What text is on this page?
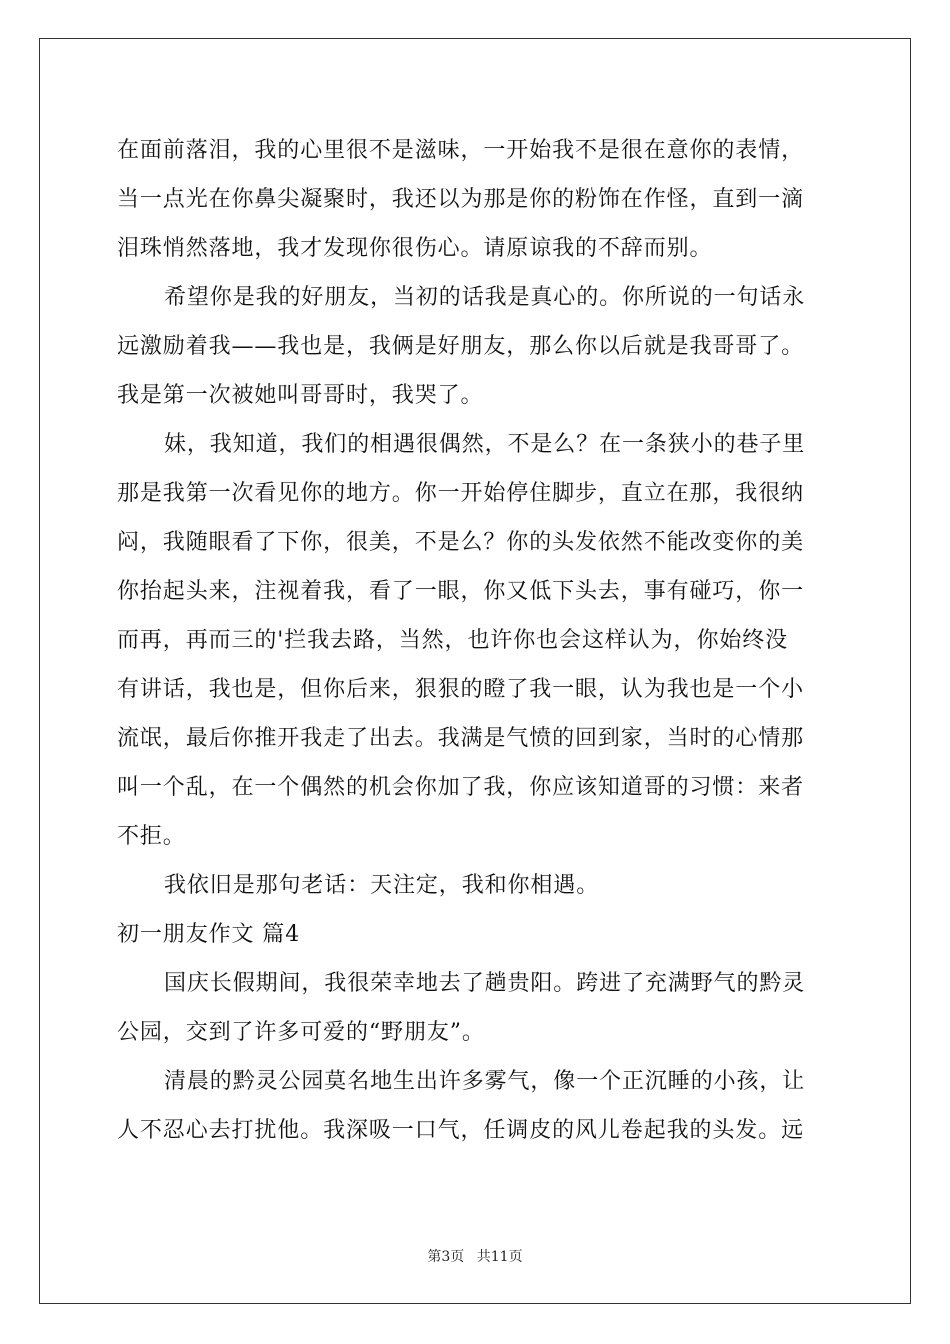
在面前落泪，我的心里很不是滋味，一开始我不是很在意你的表情，
当一点光在你鼻尖凝聚时，我还以为那是你的粉饰在作怪，直到一滴
泪珠悄然落地，我才发现你很伤心。请原谅我的不辞而别。
希望你是我的好朋友，当初的话我是真心的。你所说的一句话永
远激励着我——我也是，我俩是好朋友，那么你以后就是我哥哥了。
我是第一次被她叫哥哥时，我哭了。
妹，我知道，我们的相遇很偶然，不是么？在一条狭小的巷子里
那是我第一次看见你的地方。你一开始停住脚步，直立在那，我很纳
闷，我随眼看了下你，很美，不是么？你的头发依然不能改变你的美
你抬起头来，注视着我，看了一眼，你又低下头去，事有碰巧，你一
而再，再而三的'拦我去路，当然，也许你也会这样认为，你始终没
有讲话，我也是，但你后来，狠狠的瞪了我一眼，认为我也是一个小
流氓，最后你推开我走了出去。我满是气愤的回到家，当时的心情那
叫一个乱，在一个偶然的机会你加了我，你应该知道哥的习惯：来者
不拒。
我依旧是那句老话：天注定，我和你相遇。
初一朋友作文 篇4
国庆长假期间，我很荣幸地去了趟贵阳。跨进了充满野气的黔灵
公园，交到了许多可爱的“野朋友”。
清晨的黔灵公园莫名地生出许多雾气，像一个正沉睡的小孩，让
人不忍心去打扰他。我深吸一口气，任调皮的风儿卷起我的头发。远
第3页 共11页
